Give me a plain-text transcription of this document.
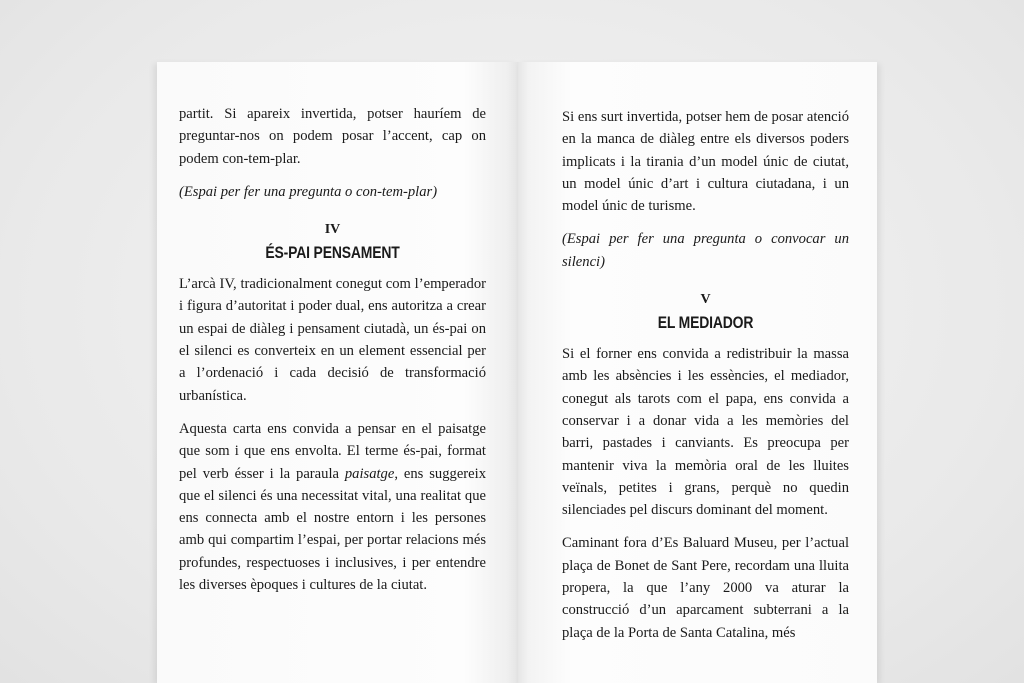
partit. Si apareix invertida, potser hauríem de preguntar-nos on podem posar l’accent, cap on podem con-tem-plar.

(Espai per fer una pregunta o con-tem-plar)

IV
ÉS-PAI PENSAMENT

L’arcà IV, tradicionalment conegut com l’emperador i figura d’autoritat i poder dual, ens autoritza a crear un espai de diàleg i pensament ciutadà, un és-pai on el silenci es converteix en un element essencial per a l’ordenació i cada decisió de transformació urbanística.

Aquesta carta ens convida a pensar en el paisatge que som i que ens envolta. El terme és-pai, format pel verb ésser i la paraula paisatge, ens suggereix que el silenci és una necessitat vital, una realitat que ens connecta amb el nostre entorn i les persones amb qui compartim l’espai, per portar relacions més profundes, respectuoses i inclusives, i per entendre les diverses èpoques i cultures de la ciutat.

Si ens surt invertida, potser hem de posar atenció en la manca de diàleg entre els diversos poders implicats i la tirania d’un model únic de ciutat, un model únic d’art i cultura ciutadana, i un model únic de turisme.

(Espai per fer una pregunta o convocar un silenci)

V
EL MEDIADOR

Si el forner ens convida a redistribuir la massa amb les absències i les essències, el mediador, conegut als tarots com el papa, ens convida a conservar i a donar vida a les memòries del barri, pastades i canviants. Es preocupa per mantenir viva la memòria oral de les lluites veïnals, petites i grans, perquè no quedin silenciades pel discurs dominant del moment.

Caminant fora d’Es Baluard Museu, per l’actual plaça de Bonet de Sant Pere, recordam una lluita propera, la que l’any 2000 va aturar la construcció d’un aparcament subterrani a la plaça de la Porta de Santa Catalina, més
